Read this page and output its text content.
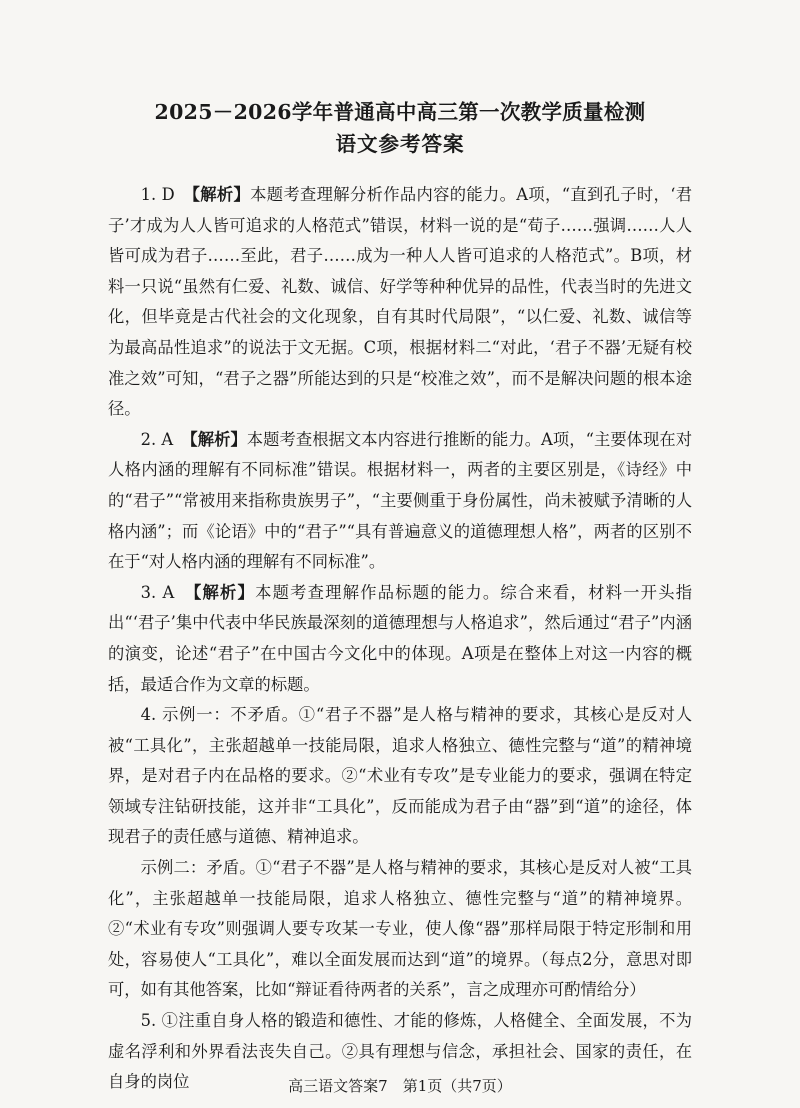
2025－2026学年普通高中高三第一次教学质量检测
语文参考答案

1. D　【解析】本题考查理解分析作品内容的能力。A项，“直到孔子时，‘君子’才成为人人皆可追求的人格范式”错误，材料一说的是“荀子……强调……人人皆可成为君子……至此，君子……成为一种人人皆可追求的人格范式”。B项，材料一只说“虽然有仁爱、礼数、诚信、好学等种种优异的品性，代表当时的先进文化，但毕竟是古代社会的文化现象，自有其时代局限”，“以仁爱、礼数、诚信等为最高品性追求”的说法于文无据。C项，根据材料二“对此，‘君子不器’无疑有校准之效”可知，“君子之器”所能达到的只是“校准之效”，而不是解决问题的根本途径。

2. A　【解析】本题考查根据文本内容进行推断的能力。A项，“主要体现在对人格内涵的理解有不同标准”错误。根据材料一，两者的主要区别是，《诗经》中的“君子”“常被用来指称贵族男子”，“主要侧重于身份属性，尚未被赋予清晰的人格内涵”；而《论语》中的“君子”“具有普遍意义的道德理想人格”，两者的区别不在于“对人格内涵的理解有不同标准”。

3. A　【解析】本题考查理解作品标题的能力。综合来看，材料一开头指出“‘君子’集中代表中华民族最深刻的道德理想与人格追求”，然后通过“君子”内涵的演变，论述“君子”在中国古今文化中的体现。A项是在整体上对这一内容的概括，最适合作为文章的标题。

4. 示例一：不矛盾。①“君子不器”是人格与精神的要求，其核心是反对人被“工具化”，主张超越单一技能局限，追求人格独立、德性完整与“道”的精神境界，是对君子内在品格的要求。②“术业有专攻”是专业能力的要求，强调在特定领域专注钻研技能，这并非“工具化”，反而能成为君子由“器”到“道”的途径，体现君子的责任感与道德、精神追求。

示例二：矛盾。①“君子不器”是人格与精神的要求，其核心是反对人被“工具化”，主张超越单一技能局限，追求人格独立、德性完整与“道”的精神境界。②“术业有专攻”则强调人要专攻某一专业，使人像“器”那样局限于特定形制和用处，容易使人“工具化”，难以全面发展而达到“道”的境界。（每点2分，意思对即可，如有其他答案，比如“辩证看待两者的关系”，言之成理亦可酌情给分）

5. ①注重自身人格的锻造和德性、才能的修炼，人格健全、全面发展，不为虚名浮利和外界看法丧失自己。②具有理想与信念，承担社会、国家的责任，在自身的岗位	高三语文答案7　第1页（共7页）
